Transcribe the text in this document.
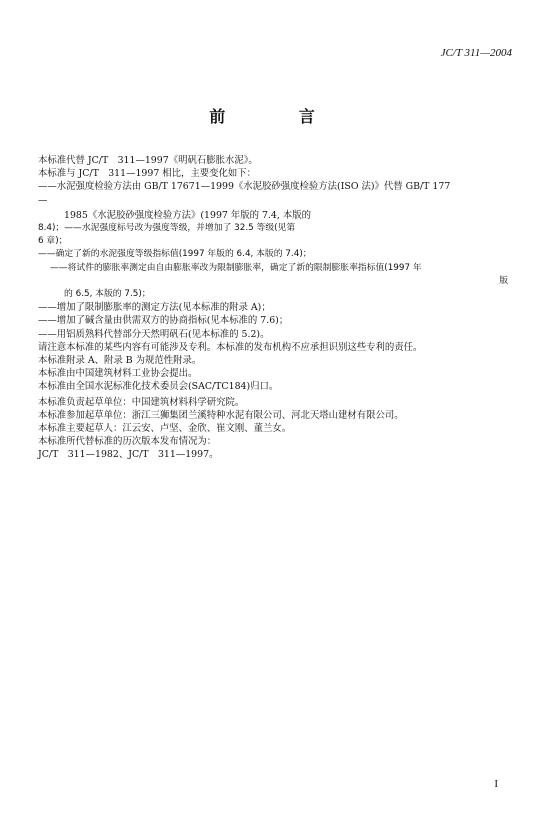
JC/T 311—2004
前 言

本标准代替 JC/T　311—1997《明矾石膨胀水泥》。

本标准与 JC/T　311—1997 相比，主要变化如下：

——水泥强度检验方法由 GB/T 17671—1999《水泥胶砂强度检验方法(ISO 法)》代替 GB/T 177

—

1985《水泥胶砂强度检验方法》(1997 年版的 7.4, 本版的

8.4)；——水泥强度标号改为强度等级，并增加了 32.5 等级(见第

6 章)；

——确定了新的水泥强度等级指标值(1997 年版的 6.4, 本版的 7.4)；

——将试件的膨胀率测定由自由膨胀率改为限制膨胀率，确定了新的限制膨胀率指标值(1997 年

版

的 6.5, 本版的 7.5)；

——增加了限制膨胀率的测定方法(见本标准的附录 A)；

——增加了碱含量由供需双方的协商指标(见本标准的 7.6)；

——用铝质熟料代替部分天然明矾石(见本标准的 5.2)。

请注意本标准的某些内容有可能涉及专利。本标准的发布机构不应承担识别这些专利的责任。

本标准附录 A、附录 B 为规范性附录。

本标准由中国建筑材料工业协会提出。

本标准由全国水泥标准化技术委员会(SAC/TC184)归口。

本标准负责起草单位：中国建筑材料科学研究院。

本标准参加起草单位：浙江三狮集团兰溪特种水泥有限公司、河北天塔山建材有限公司。

本标准主要起草人：江云安、卢坚、金欣、崔文刚、董兰女。

本标准所代替标准的历次版本发布情况为：

JC/T　311—1982、JC/T　311—1997。

I
